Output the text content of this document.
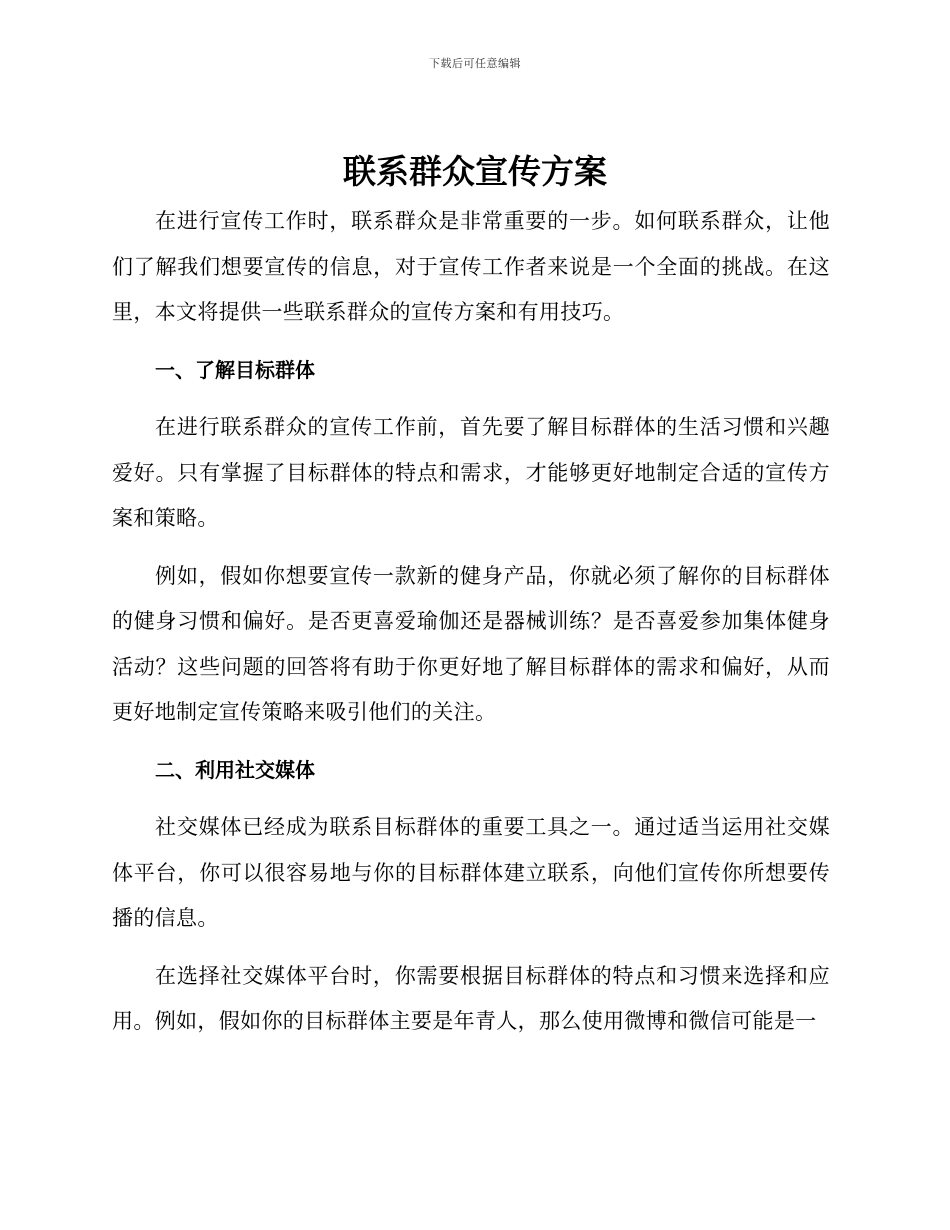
下载后可任意编辑
联系群众宣传方案

在进行宣传工作时，联系群众是非常重要的一步。如何联系群众，让他们了解我们想要宣传的信息，对于宣传工作者来说是一个全面的挑战。在这里，本文将提供一些联系群众的宣传方案和有用技巧。

一、了解目标群体

在进行联系群众的宣传工作前，首先要了解目标群体的生活习惯和兴趣爱好。只有掌握了目标群体的特点和需求，才能够更好地制定合适的宣传方案和策略。

例如，假如你想要宣传一款新的健身产品，你就必须了解你的目标群体的健身习惯和偏好。是否更喜爱瑜伽还是器械训练？是否喜爱参加集体健身活动？这些问题的回答将有助于你更好地了解目标群体的需求和偏好，从而更好地制定宣传策略来吸引他们的关注。

二、利用社交媒体

社交媒体已经成为联系目标群体的重要工具之一。通过适当运用社交媒体平台，你可以很容易地与你的目标群体建立联系，向他们宣传你所想要传播的信息。

在选择社交媒体平台时，你需要根据目标群体的特点和习惯来选择和应用。例如，假如你的目标群体主要是年青人，那么使用微博和微信可能是一
